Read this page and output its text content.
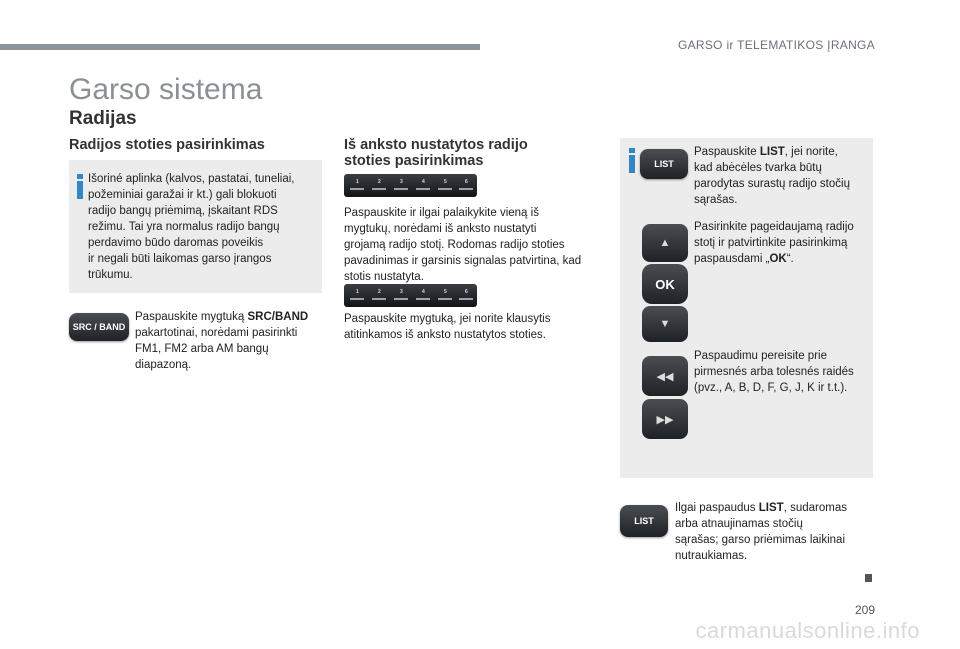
GARSO ir TELEMATIKOS ĮRANGA
Garso sistema
Radijas
Radijos stoties pasirinkimas
Išoriné aplinka (kalvos, pastatai, tuneliai,
požeminiai garažai ir kt.) gali blokuoti
radijo bangų priėmimą, įskaitant RDS
režimu. Tai yra normalus radijo bangų
perdavimo būdo daromas poveikis
ir negali būti laikomas garso įrangos
trūkumu.
SRC / BAND
Paspauskite mygtuką SRC/BAND
pakartotinai, norėdami pasirinkti
FM1, FM2 arba AM bangų
diapazoną.
Iš anksto nustatytos radijo
stoties pasirinkimas
1	2	3	4	5	6
Paspauskite ir ilgai palaikykite vieną iš
mygtukų, norėdami iš anksto nustatyti
grojamą radijo stotį. Rodomas radijo stoties
pavadinimas ir garsinis signalas patvirtina, kad
stotis nustatyta.
1	2	3	4	5	6
Paspauskite mygtuką, jei norite klausytis
atitinkamos iš anksto nustatytos stoties.
LIST
Paspauskite LIST, jei norite,
kad abėcėles tvarka būtų
parodytas surastų radijo stočių
sąrašas.
▲
OK
▼
Pasirinkite pageidaujamą radijo
stotį ir patvirtinkite pasirinkimą
paspausdami „OK“.
◀◀
▶▶
Paspaudimu pereisite prie
pirmesnés arba tolesnés raidés
(pvz., A, B, D, F, G, J, K ir t.t.).
LIST
Ilgai paspaudus LIST, sudaromas
arba atnaujinamas stočių
sąrašas; garso priėmimas laikinai
nutraukiamas.
209
carmanualsonline.info
